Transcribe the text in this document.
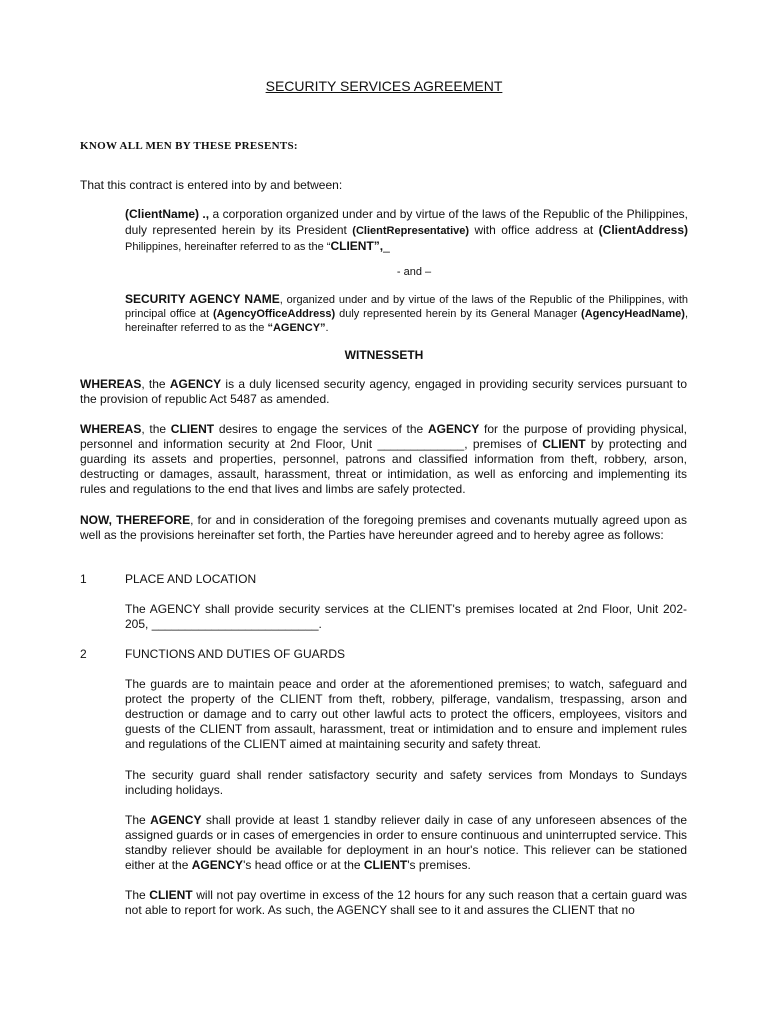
SECURITY SERVICES AGREEMENT
KNOW ALL MEN BY THESE PRESENTS:
That this contract is entered into by and between:
(ClientName) ., a corporation organized under and by virtue of the laws of the Republic of the Philippines, duly represented herein by its President (ClientRepresentative) with office address at (ClientAddress) Philippines, hereinafter referred to as the “CLIENT”,_
- and –
SECURITY AGENCY NAME, organized under and by virtue of the laws of the Republic of the Philippines, with principal office at (AgencyOfficeAddress) duly represented herein by its General Manager (AgencyHeadName), hereinafter referred to as the “AGENCY”.
WITNESSETH
WHEREAS, the AGENCY is a duly licensed security agency, engaged in providing security services pursuant to the provision of republic Act 5487 as amended.
WHEREAS, the CLIENT desires to engage the services of the AGENCY for the purpose of providing physical, personnel and information security at 2nd Floor, Unit _____________, premises of CLIENT by protecting and guarding its assets and properties, personnel, patrons and classified information from theft, robbery, arson, destructing or damages, assault, harassment, threat or intimidation, as well as enforcing and implementing its rules and regulations to the end that lives and limbs are safely protected.
NOW, THEREFORE, for and in consideration of the foregoing premises and covenants mutually agreed upon as well as the provisions hereinafter set forth, the Parties have hereunder agreed and to hereby agree as follows:
1	PLACE AND LOCATION
The AGENCY shall provide security services at the CLIENT's premises located at 2nd Floor, Unit 202-205, _________________________.
2	FUNCTIONS AND DUTIES OF GUARDS
The guards are to maintain peace and order at the aforementioned premises; to watch, safeguard and protect the property of the CLIENT from theft, robbery, pilferage, vandalism, trespassing, arson and destruction or damage and to carry out other lawful acts to protect the officers, employees, visitors and guests of the CLIENT from assault, harassment, treat or intimidation and to ensure and implement rules and regulations of the CLIENT aimed at maintaining security and safety threat.
The security guard shall render satisfactory security and safety services from Mondays to Sundays including holidays.
The AGENCY shall provide at least 1 standby reliever daily in case of any unforeseen absences of the assigned guards or in cases of emergencies in order to ensure continuous and uninterrupted service. This standby reliever should be available for deployment in an hour's notice. This reliever can be stationed either at the AGENCY's head office or at the CLIENT's premises.
The CLIENT will not pay overtime in excess of the 12 hours for any such reason that a certain guard was not able to report for work. As such, the AGENCY shall see to it and assures the CLIENT that no
